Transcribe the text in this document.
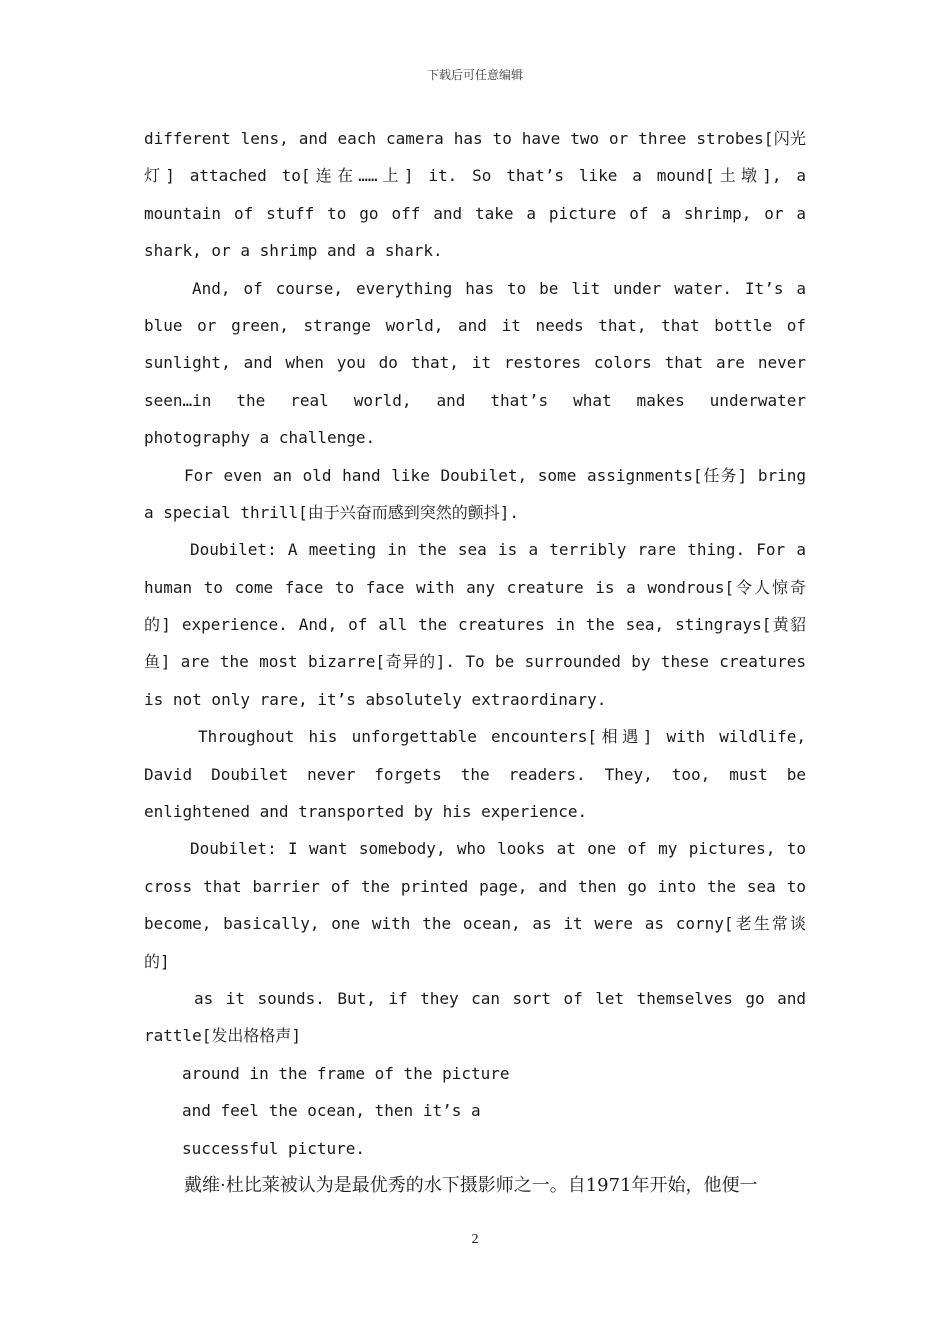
下载后可任意编辑
different lens, and each camera has to have two or three strobes[闪光
灯] attached to[连在……上] it. So that’s like a mound[土墩], a
mountain of stuff to go off and take a picture of a shrimp, or a
shark, or a shrimp and a shark.
And, of course, everything has to be lit under water. It’s a
blue or green, strange world, and it needs that, that bottle of
sunlight, and when you do that, it restores colors that are never
seen…in the real world, and that’s what makes underwater
photography a challenge.
For even an old hand like Doubilet, some assignments[任务] bring
a special thrill[由于兴奋而感到突然的颤抖].
Doubilet: A meeting in the sea is a terribly rare thing. For a
human to come face to face with any creature is a wondrous[令人惊奇
的] experience. And, of all the creatures in the sea, stingrays[黄貂
鱼] are the most bizarre[奇异的]. To be surrounded by these creatures
is not only rare, it’s absolutely extraordinary.
Throughout his unforgettable encounters[相遇] with wildlife,
David Doubilet never forgets the readers. They, too, must be
enlightened and transported by his experience.
Doubilet: I want somebody, who looks at one of my pictures, to
cross that barrier of the printed page, and then go into the sea to
become, basically, one with the ocean, as it were as corny[老生常谈
的]
as it sounds. But, if they can sort of let themselves go and
rattle[发出格格声]
around in the frame of the picture
and feel the ocean, then it’s a
successful picture.
戴维·杜比莱被认为是最优秀的水下摄影师之一。自1971年开始，他便一
2
